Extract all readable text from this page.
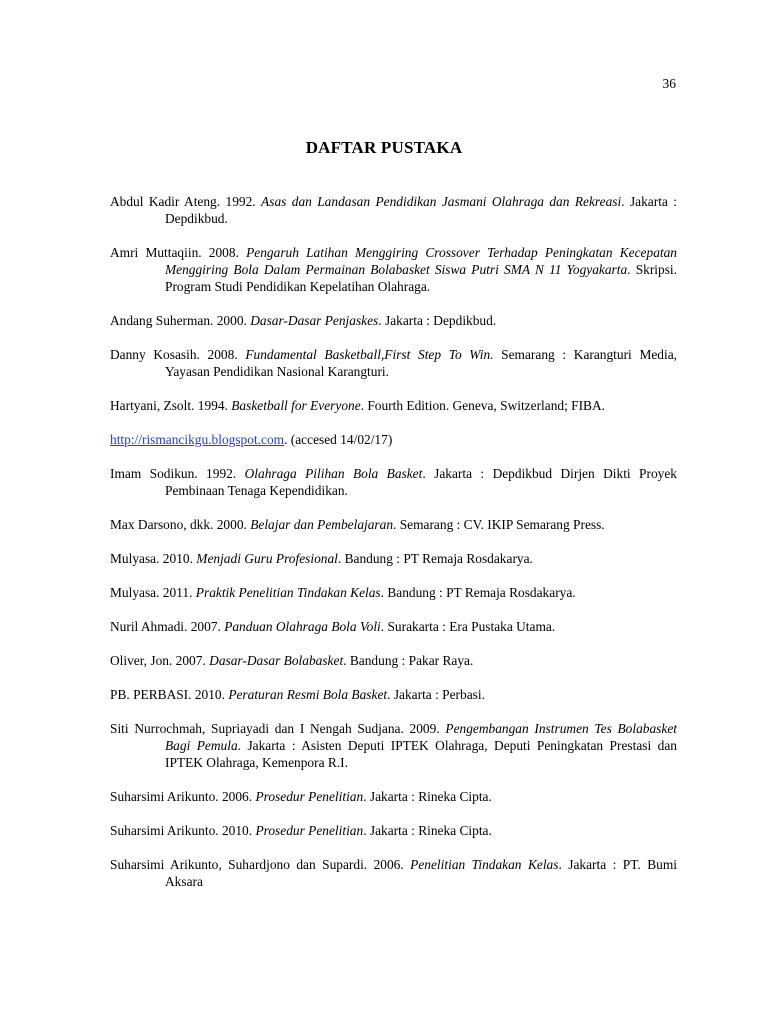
36
DAFTAR PUSTAKA

Abdul Kadir Ateng. 1992. Asas dan Landasan Pendidikan Jasmani Olahraga dan Rekreasi. Jakarta : Depdikbud.

Amri Muttaqiin. 2008. Pengaruh Latihan Menggiring Crossover Terhadap Peningkatan Kecepatan Menggiring Bola Dalam Permainan Bolabasket Siswa Putri SMA N 11 Yogyakarta. Skripsi. Program Studi Pendidikan Kepelatihan Olahraga.

Andang Suherman. 2000. Dasar-Dasar Penjaskes. Jakarta : Depdikbud.

Danny Kosasih. 2008. Fundamental Basketball,First Step To Win. Semarang : Karangturi Media, Yayasan Pendidikan Nasional Karangturi.

Hartyani, Zsolt. 1994. Basketball for Everyone. Fourth Edition. Geneva, Switzerland; FIBA.

http://rismancikgu.blogspot.com. (accesed 14/02/17)

Imam Sodikun. 1992. Olahraga Pilihan Bola Basket. Jakarta : Depdikbud Dirjen Dikti Proyek Pembinaan Tenaga Kependidikan.

Max Darsono, dkk. 2000. Belajar dan Pembelajaran. Semarang : CV. IKIP Semarang Press.

Mulyasa. 2010. Menjadi Guru Profesional. Bandung : PT Remaja Rosdakarya.

Mulyasa. 2011. Praktik Penelitian Tindakan Kelas. Bandung : PT Remaja Rosdakarya.

Nuril Ahmadi. 2007. Panduan Olahraga Bola Voli. Surakarta : Era Pustaka Utama.

Oliver, Jon. 2007. Dasar-Dasar Bolabasket. Bandung : Pakar Raya.

PB. PERBASI. 2010. Peraturan Resmi Bola Basket. Jakarta : Perbasi.

Siti Nurrochmah, Supriayadi dan I Nengah Sudjana. 2009. Pengembangan Instrumen Tes Bolabasket Bagi Pemula. Jakarta : Asisten Deputi IPTEK Olahraga, Deputi Peningkatan Prestasi dan IPTEK Olahraga, Kemenpora R.I.

Suharsimi Arikunto. 2006. Prosedur Penelitian. Jakarta : Rineka Cipta.

Suharsimi Arikunto. 2010. Prosedur Penelitian. Jakarta : Rineka Cipta.

Suharsimi Arikunto, Suhardjono dan Supardi. 2006. Penelitian Tindakan Kelas. Jakarta : PT. Bumi Aksara
